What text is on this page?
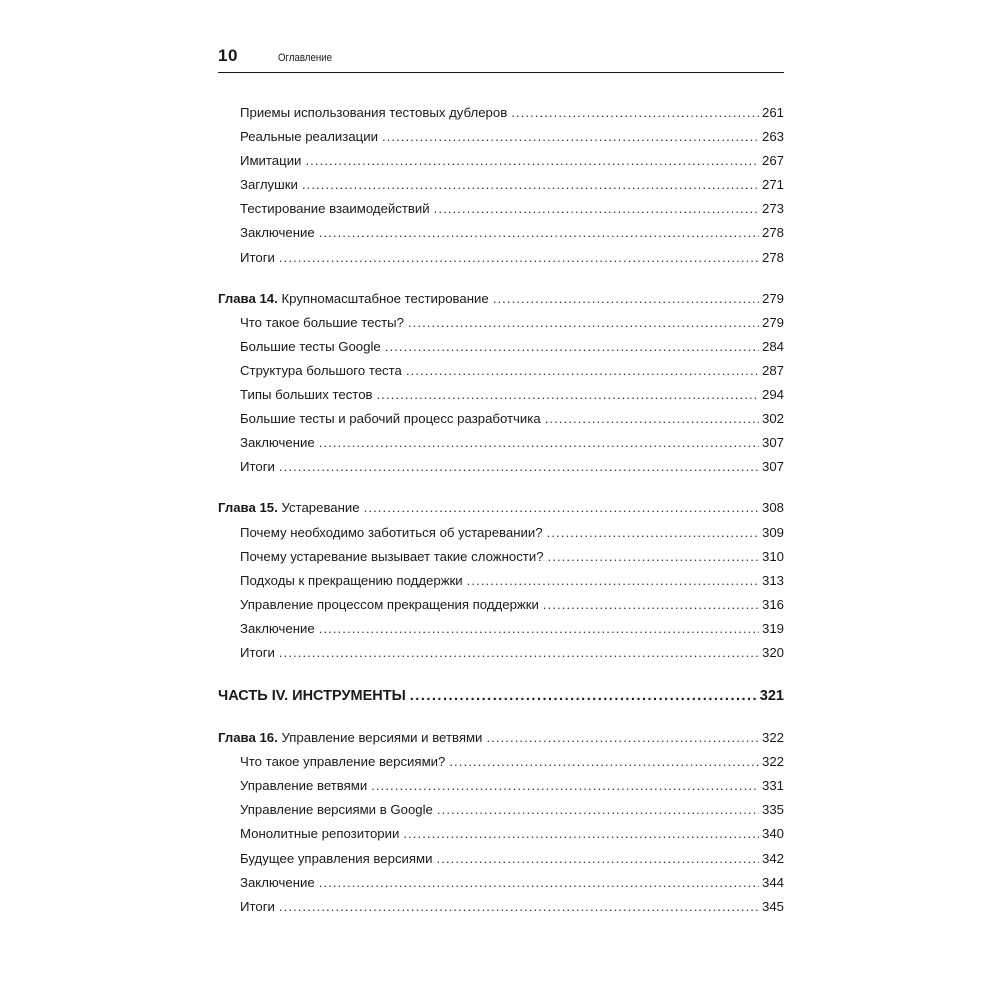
10	Оглавление
Приемы использования тестовых дублеров .....	261
Реальные реализации .....	263
Имитации .....	267
Заглушки .....	271
Тестирование взаимодействий .....	273
Заключение .....	278
Итоги .....	278
Глава 14. Крупномасштабное тестирование .....	279
Что такое большие тесты? .....	279
Большие тесты Google .....	284
Структура большого теста .....	287
Типы больших тестов .....	294
Большие тесты и рабочий процесс разработчика .....	302
Заключение .....	307
Итоги .....	307
Глава 15. Устаревание .....	308
Почему необходимо заботиться об устаревании? .....	309
Почему устаревание вызывает такие сложности? .....	310
Подходы к прекращению поддержки .....	313
Управление процессом прекращения поддержки .....	316
Заключение .....	319
Итоги .....	320
ЧАСТЬ IV. ИНСТРУМЕНТЫ .....	321
Глава 16. Управление версиями и ветвями .....	322
Что такое управление версиями? .....	322
Управление ветвями .....	331
Управление версиями в Google .....	335
Монолитные репозитории .....	340
Будущее управления версиями .....	342
Заключение .....	344
Итоги .....	345
